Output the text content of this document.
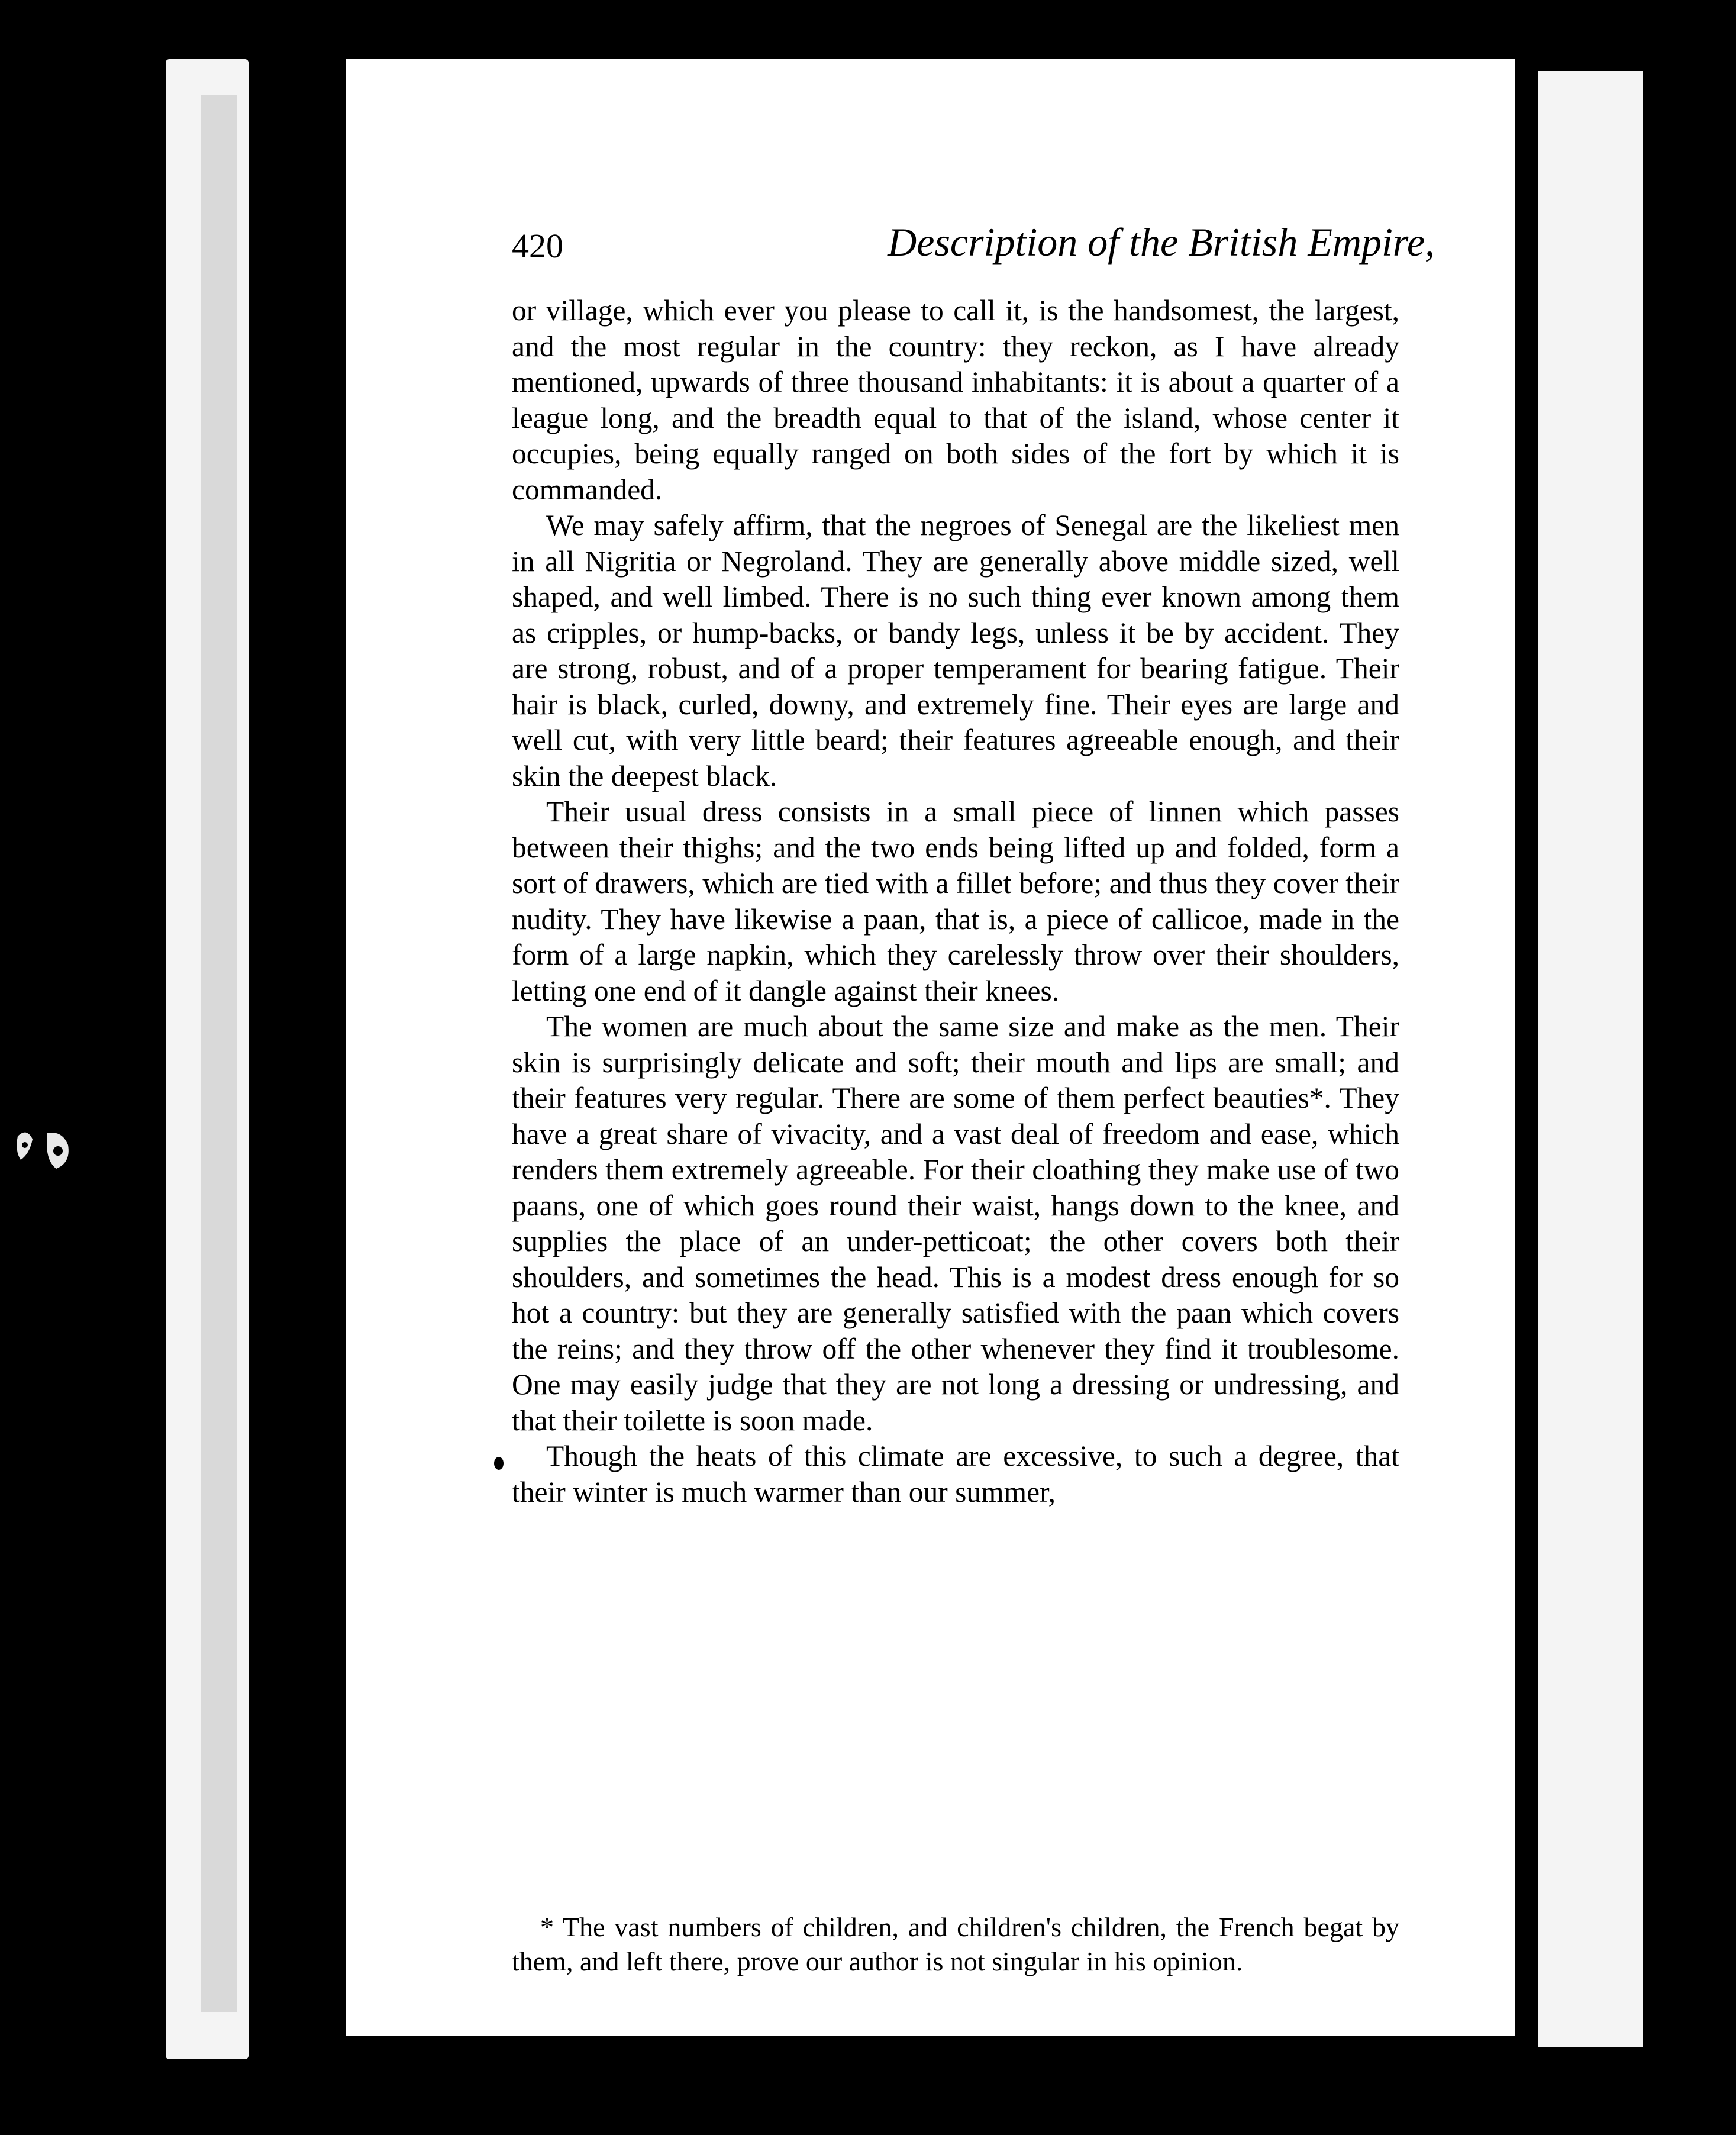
420	Description of the British Empire,

or village, which ever you please to call it, is the handsomest, the largest, and the most regular in the country: they reckon, as I have already mentioned, upwards of three thousand inhabitants: it is about a quarter of a league long, and the breadth equal to that of the island, whose center it occupies, being equally ranged on both sides of the fort by which it is commanded.

We may safely affirm, that the negroes of Senegal are the likeliest men in all Nigritia or Negroland. They are generally above middle sized, well shaped, and well limbed. There is no such thing ever known among them as cripples, or hump-backs, or bandy legs, unless it be by accident. They are strong, robust, and of a proper temperament for bearing fatigue. Their hair is black, curled, downy, and extremely fine. Their eyes are large and well cut, with very little beard; their features agreeable enough, and their skin the deepest black.

Their usual dress consists in a small piece of linnen which passes between their thighs; and the two ends being lifted up and folded, form a sort of drawers, which are tied with a fillet before; and thus they cover their nudity. They have likewise a paan, that is, a piece of callicoe, made in the form of a large napkin, which they carelessly throw over their shoulders, letting one end of it dangle against their knees.

The women are much about the same size and make as the men. Their skin is surprisingly delicate and soft; their mouth and lips are small; and their features very regular. There are some of them perfect beauties*. They have a great share of vivacity, and a vast deal of freedom and ease, which renders them extremely agreeable. For their cloathing they make use of two paans, one of which goes round their waist, hangs down to the knee, and supplies the place of an under-petticoat; the other covers both their shoulders, and sometimes the head. This is a modest dress enough for so hot a country: but they are generally satisfied with the paan which covers the reins; and they throw off the other whenever they find it troublesome. One may easily judge that they are not long a dressing or undressing, and that their toilette is soon made.

Though the heats of this climate are excessive, to such a degree, that their winter is much warmer than our summer,

* The vast numbers of children, and children's children, the French begat by them, and left there, prove our author is not singular in his opinion.
in
